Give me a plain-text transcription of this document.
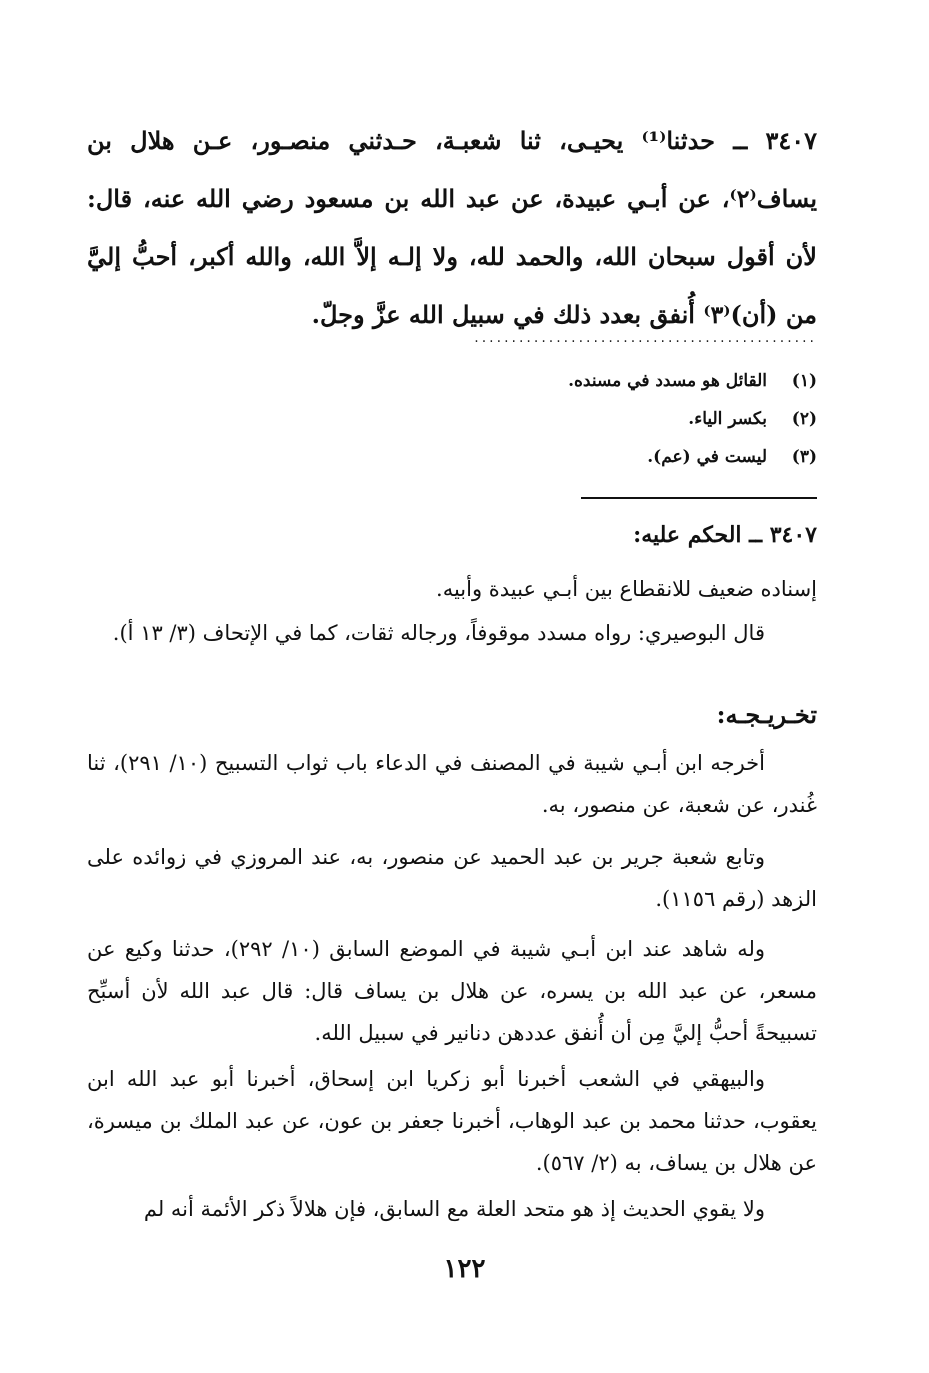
٣٤٠٧ ــ حدثنا⁽¹⁾ يحيـى، ثنا شعبـة، حـدثني منصـور، عـن هلال بن يساف⁽٢⁾، عن أبـي عبيدة، عن عبد الله بن مسعود رضي الله عنه، قال: لأن أقول سبحان الله، والحمد لله، ولا إلـه إلاَّ الله، والله أكبر، أحبُّ إليَّ من (أن)⁽٣⁾ أُنفق بعدد ذلك في سبيل الله عزَّ وجلّ.
..............................................
(١)
القائل هو مسدد في مسنده.
(٢)
بكسر الياء.
(٣)
ليست في (عم).
٣٤٠٧ ــ الحكم عليه:
إسناده ضعيف للانقطاع بين أبـي عبيدة وأبيه.
قال البوصيري: رواه مسدد موقوفاً، ورجاله ثقات، كما في الإتحاف (٣/ ١٣ أ).
تخـريـجـه:
أخرجه ابن أبـي شيبة في المصنف في الدعاء باب ثواب التسبيح (١٠/ ٢٩١)، ثنا غُندر، عن شعبة، عن منصور، به.
وتابع شعبة جرير بن عبد الحميد عن منصور، به، عند المروزي في زوائده على الزهد (رقم ١١٥٦).
وله شاهد عند ابن أبـي شيبة في الموضع السابق (١٠/ ٢٩٢)، حدثنا وكيع عن مسعر، عن عبد الله بن يسره، عن هلال بن يساف قال: قال عبد الله لأن أسبِّح تسبيحةً أحبُّ إليَّ مِن أن أُنفق عددهن دنانير في سبيل الله.
والبيهقي في الشعب أخبرنا أبو زكريا ابن إسحاق، أخبرنا أبو عبد الله ابن يعقوب، حدثنا محمد بن عبد الوهاب، أخبرنا جعفر بن عون، عن عبد الملك بن ميسرة، عن هلال بن يساف، به (٢/ ٥٦٧).
ولا يقوي الحديث إذ هو متحد العلة مع السابق، فإن هلالاً ذكر الأئمة أنه لم
١٢٢
